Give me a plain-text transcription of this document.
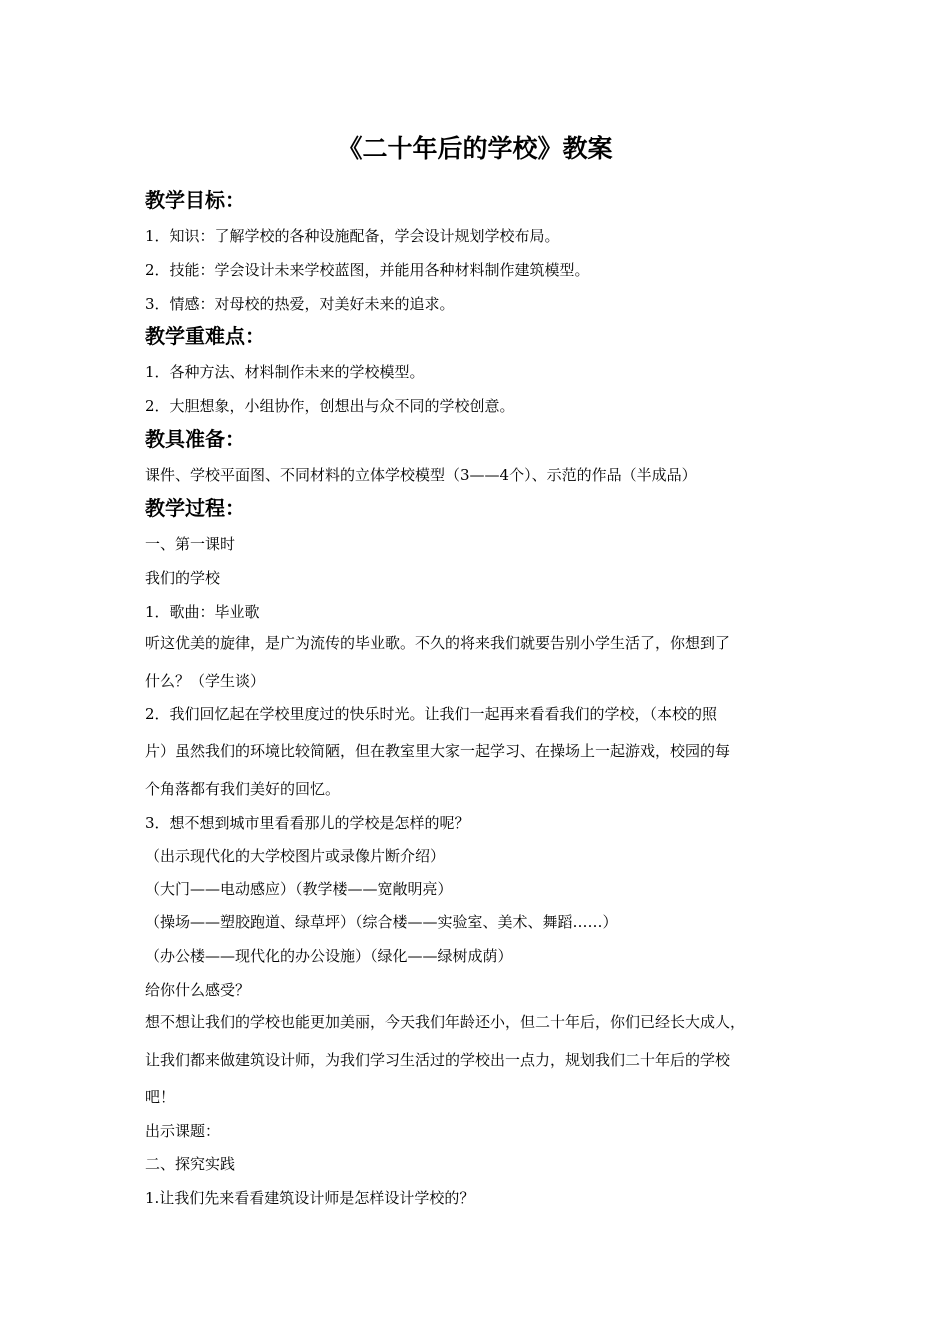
《二十年后的学校》教案
教学目标：
1．知识：了解学校的各种设施配备，学会设计规划学校布局。
2．技能：学会设计未来学校蓝图，并能用各种材料制作建筑模型。
3．情感：对母校的热爱，对美好未来的追求。
教学重难点：
1．各种方法、材料制作未来的学校模型。
2．大胆想象，小组协作，创想出与众不同的学校创意。
教具准备：
课件、学校平面图、不同材料的立体学校模型（3——4个）、示范的作品（半成品）
教学过程：
一、第一课时
我们的学校
1．歌曲：毕业歌
听这优美的旋律，是广为流传的毕业歌。不久的将来我们就要告别小学生活了，你想到了
什么？（学生谈）
2．我们回忆起在学校里度过的快乐时光。让我们一起再来看看我们的学校，（本校的照
片）虽然我们的环境比较简陋，但在教室里大家一起学习、在操场上一起游戏，校园的每
个角落都有我们美好的回忆。
3．想不想到城市里看看那儿的学校是怎样的呢？
（出示现代化的大学校图片或录像片断介绍）
（大门——电动感应）（教学楼——宽敞明亮）
（操场——塑胶跑道、绿草坪）（综合楼——实验室、美术、舞蹈……）
（办公楼——现代化的办公设施）（绿化——绿树成荫）
给你什么感受？
想不想让我们的学校也能更加美丽，今天我们年龄还小，但二十年后，你们已经长大成人，
让我们都来做建筑设计师，为我们学习生活过的学校出一点力，规划我们二十年后的学校
吧！
出示课题：
二、探究实践
1.让我们先来看看建筑设计师是怎样设计学校的？
